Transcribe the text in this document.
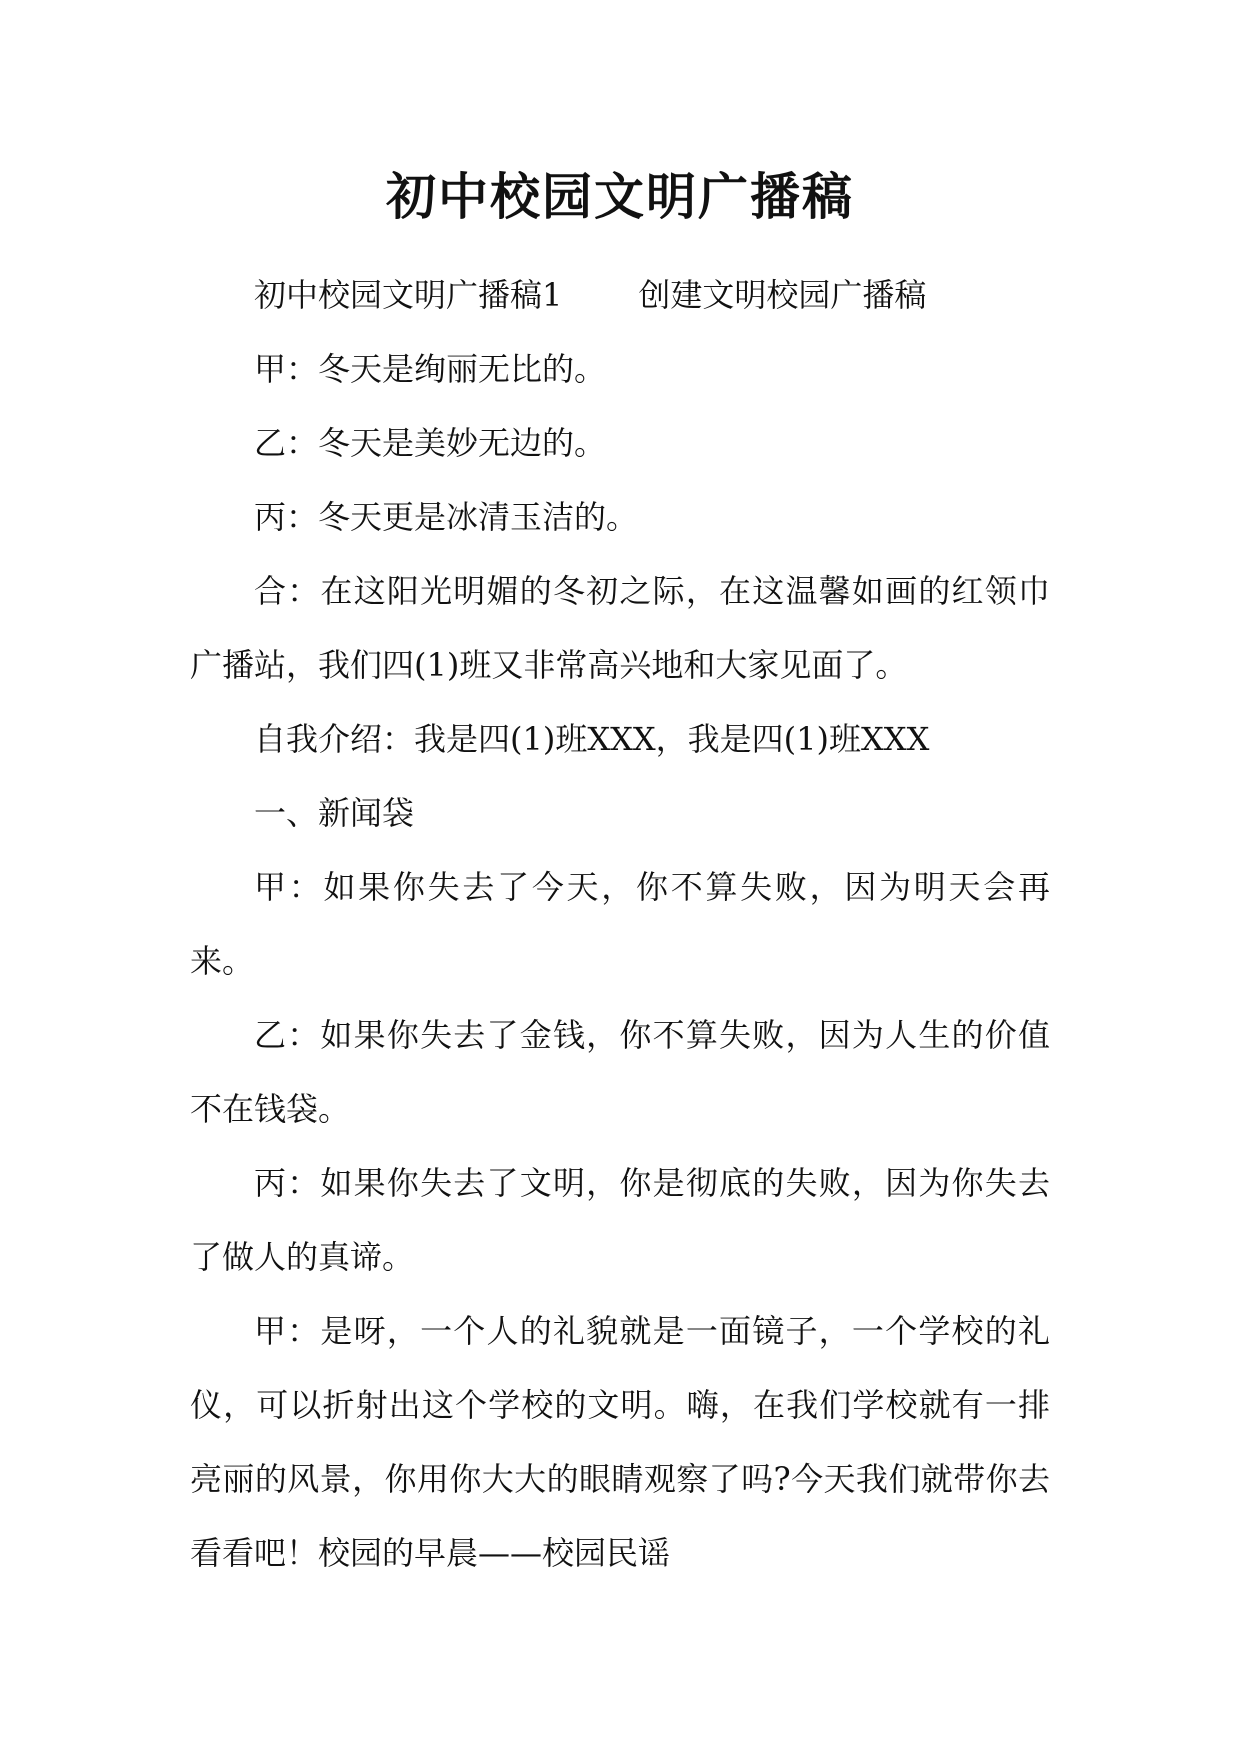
初中校园文明广播稿

初中校园文明广播稿1 创建文明校园广播稿

甲：冬天是绚丽无比的。

乙：冬天是美妙无边的。

丙：冬天更是冰清玉洁的。

合：在这阳光明媚的冬初之际，在这温馨如画的红领巾广播站，我们四(1)班又非常高兴地和大家见面了。

自我介绍：我是四(1)班XXX，我是四(1)班XXX

一、新闻袋

甲：如果你失去了今天，你不算失败，因为明天会再来。

乙：如果你失去了金钱，你不算失败，因为人生的价值不在钱袋。

丙：如果你失去了文明，你是彻底的失败，因为你失去了做人的真谛。

甲：是呀，一个人的礼貌就是一面镜子，一个学校的礼仪，可以折射出这个学校的文明。嗨，在我们学校就有一排亮丽的风景，你用你大大的眼睛观察了吗?今天我们就带你去看看吧！校园的早晨——校园民谣
